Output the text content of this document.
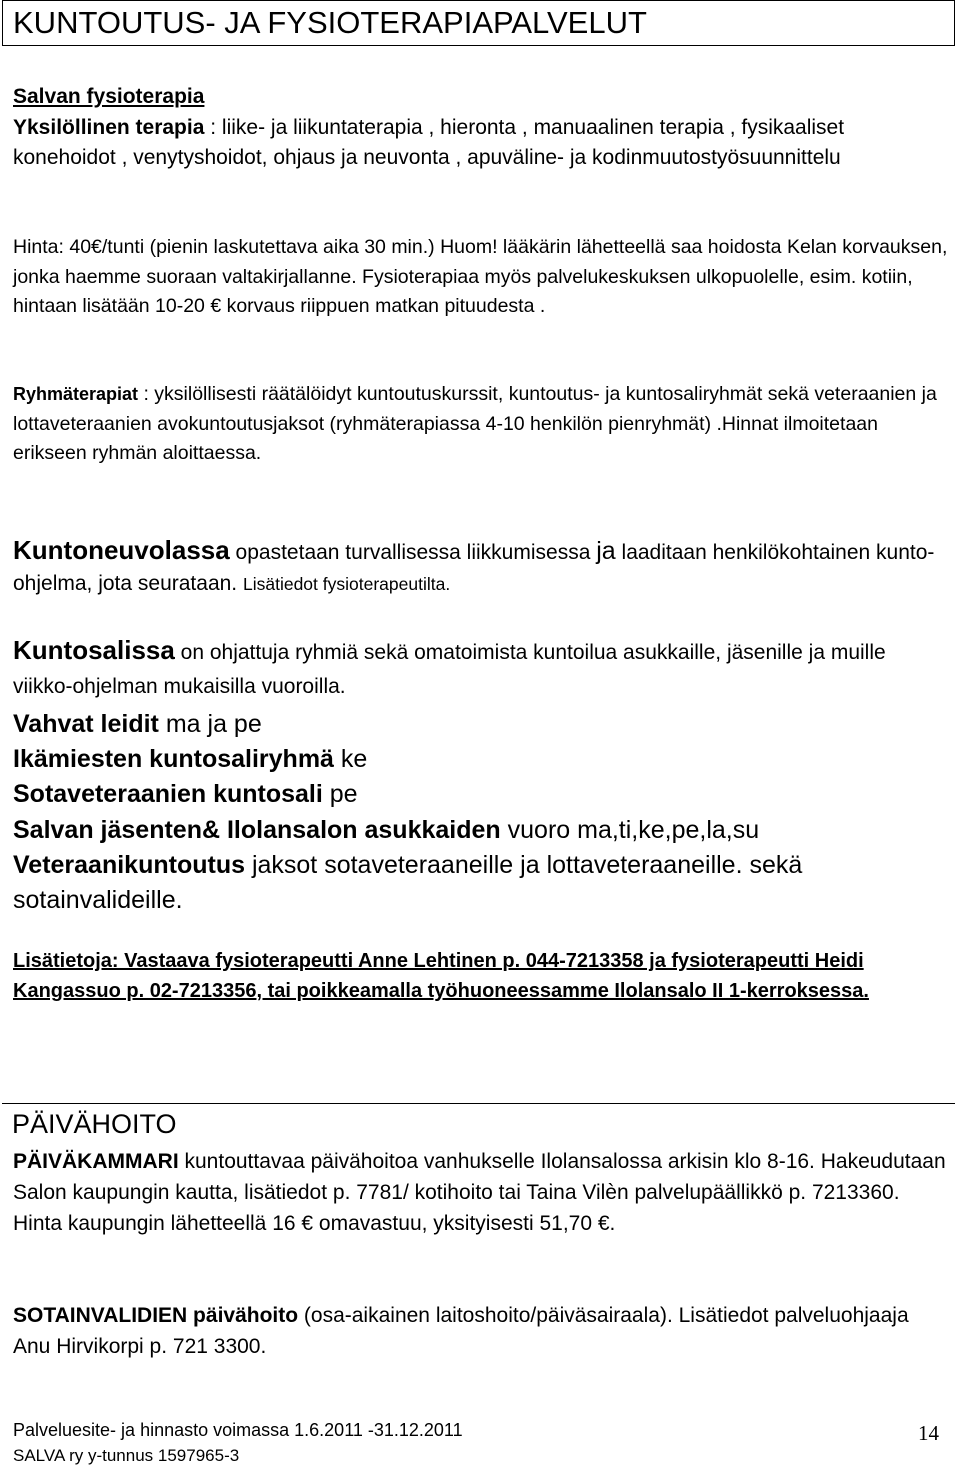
KUNTOUTUS- JA FYSIOTERAPIAPALVELUT
Salvan fysioterapia
Yksilöllinen terapia : liike- ja liikuntaterapia , hieronta , manuaalinen terapia , fysikaaliset konehoidot , venytyshoidot, ohjaus ja neuvonta , apuväline- ja kodinmuutostyösuunnittelu
Hinta: 40€/tunti (pienin laskutettava aika 30 min.) Huom! lääkärin lähetteellä saa hoidosta Kelan korvauksen, jonka haemme suoraan valtakirjallanne. Fysioterapiaa myös palvelukeskuksen ulkopuolelle, esim. kotiin, hintaan lisätään 10-20 € korvaus riippuen matkan pituudesta .
Ryhmäterapiat : yksilöllisesti räätälöidyt kuntoutuskurssit, kuntoutus- ja kuntosaliryhmät sekä veteraanien ja lottaveteraanien avokuntoutusjaksot (ryhmäterapiassa 4-10 henkilön pienryhmät) .Hinnat ilmoitetaan erikseen ryhmän aloittaessa.
Kuntoneuvolassa opastetaan turvallisessa liikkumisessa ja laaditaan henkilökohtainen kunto-ohjelma, jota seurataan. Lisätiedot fysioterapeutilta.
Kuntosalissa on ohjattuja ryhmiä sekä omatoimista kuntoilua asukkaille, jäsenille ja muille viikko-ohjelman mukaisilla vuoroilla.
Vahvat leidit ma ja pe
Ikämiesten kuntosaliryhmä ke
Sotaveteraanien kuntosali pe
Salvan jäsenten& Ilolansalon asukkaiden vuoro ma,ti,ke,pe,la,su
Veteraanikuntoutus jaksot sotaveteraaneille ja lottaveteraaneille. sekä sotainvalideille.
Lisätietoja: Vastaava fysioterapeutti Anne Lehtinen p. 044-7213358 ja fysioterapeutti Heidi Kangassuo p. 02-7213356, tai poikkeamalla työhuoneessamme Ilolansalo II 1-kerroksessa.
PÄIVÄHOITO
PÄIVÄKAMMARI kuntouttavaa päivähoitoa vanhukselle Ilolansalossa arkisin klo 8-16. Hakeudutaan Salon kaupungin kautta, lisätiedot p. 7781/ kotihoito tai Taina Vilèn palvelupäällikkö p. 7213360. Hinta kaupungin lähetteellä 16 € omavastuu, yksityisesti 51,70 €.
SOTAINVALIDIEN päivähoito (osa-aikainen laitoshoito/päiväsairaala). Lisätiedot palveluohjaaja Anu Hirvikorpi p. 721 3300.
Palveluesite- ja hinnasto voimassa 1.6.2011 -31.12.2011
SALVA ry y-tunnus 1597965-3
14
